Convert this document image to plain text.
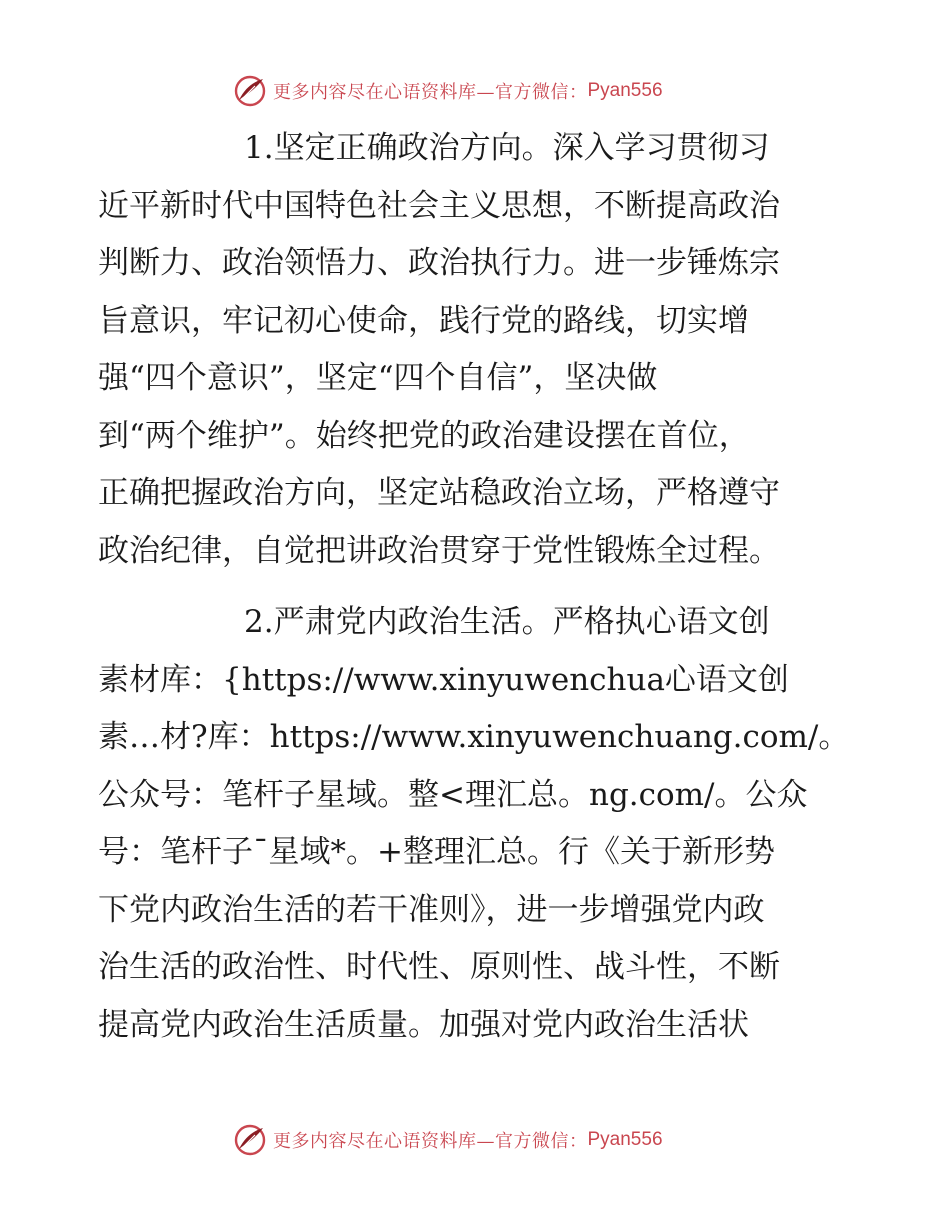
更多内容尽在心语资料库—官方微信： Pyan556

1.坚定正确政治方向。深入学习贯彻习
近平新时代中国特色社会主义思想，不断提高政治
判断力、政治领悟力、政治执行力。进一步锤炼宗
旨意识，牢记初心使命，践行党的路线，切实增
强“四个意识”，坚定“四个自信”，坚决做
到“两个维护”。始终把党的政治建设摆在首位，
正确把握政治方向，坚定站稳政治立场，严格遵守
政治纪律，自觉把讲政治贯穿于党性锻炼全过程。

2.严肃党内政治生活。严格执心语文创
素材库：{https://www.xinyuwenchua心语文创
素…材?库：https://www.xinyuwenchuang.com/。
公众号：笔杆子星域。整<理汇总。ng.com/。公众
号：笔杆子¯星域*。+整理汇总。行《关于新形势
下党内政治生活的若干准则》，进一步增强党内政
治生活的政治性、时代性、原则性、战斗性，不断
提高党内政治生活质量。加强对党内政治生活状

更多内容尽在心语资料库—官方微信： Pyan556
